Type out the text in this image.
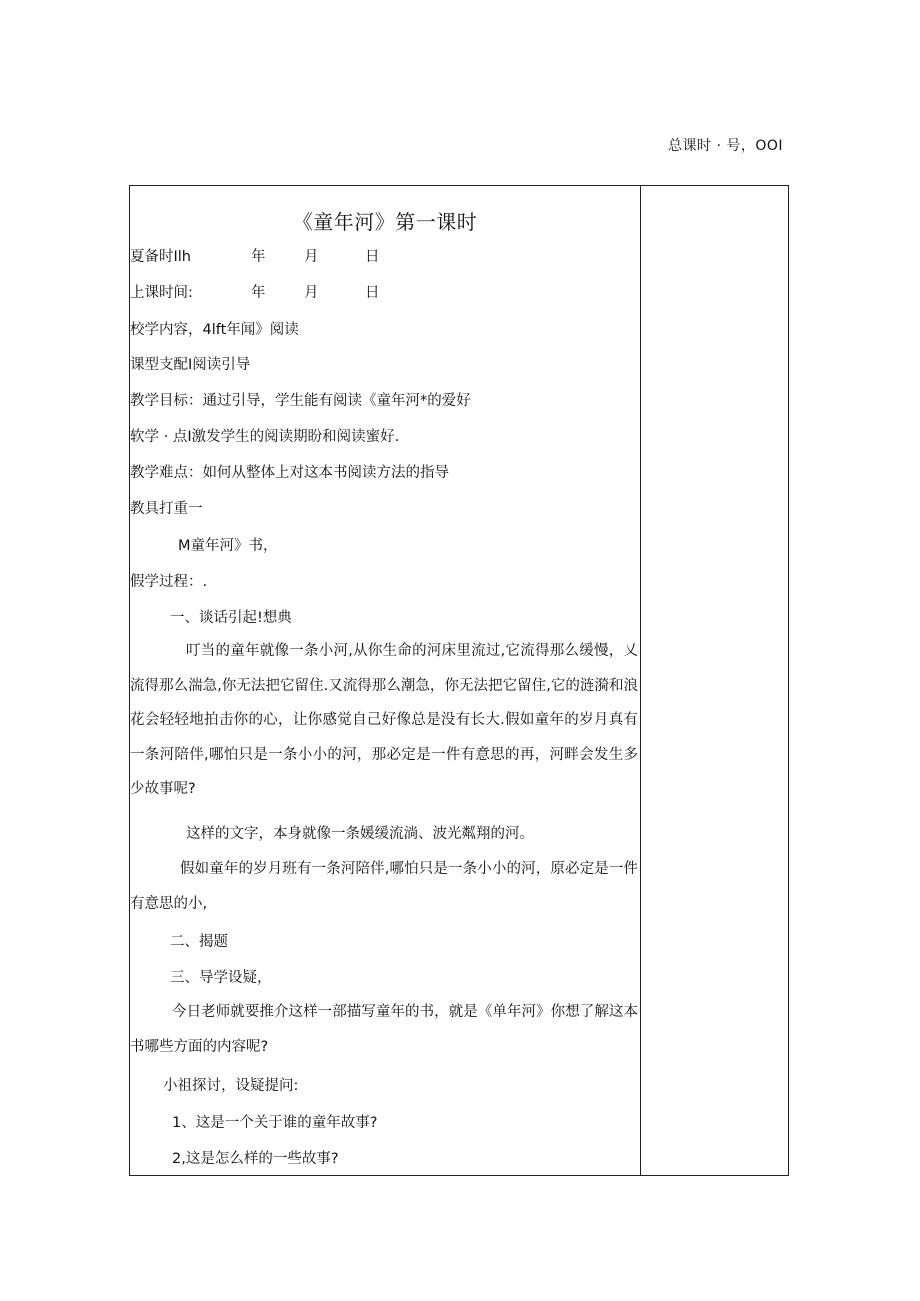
总课时 · 号，OOI
《童年河》第一课时
夏备时Ilh	年	月	日
上课时间:	年	月	日
校学内容，4lft年闻》阅读
课型支配I阅读引导
教学目标：通过引导，学生能有阅读《童年河*的爱好
软学 · 点I激发学生的阅读期盼和阅读蜜好.
教学难点：如何从整体上对这本书阅读方法的指导
教具打重一
M童年河》书，
假学过程：.
一、谈话引起!想典
叮当的童年就像一条小河,从你生命的河床里流过,它流得那么缓慢，乂流得那么湍急,你无法把它留住.又流得那么潮急，你无法把它留住,它的涟漪和浪花会轻轻地拍击你的心，让你感觉自己好像总是没有长大.假如童年的岁月真有一条河陪伴,哪怕只是一条小小的河，那必定是一件有意思的再，河畔会发生多少故事呢?
这样的文字，本身就像一条媛缓流淌、波光粼翔的河。
假如童年的岁月班有一条河陪伴,哪怕只是一条小小的河，原必定是一件有意思的小,
二、揭题
三、导学设疑，
今日老师就要推介这样一部描写童年的书，就是《单年河》你想了解这本书哪些方面的内容呢?
小祖探讨，设疑提问:
1、这是一个关于谁的童年故事?
2,这是怎么样的一些故事?
